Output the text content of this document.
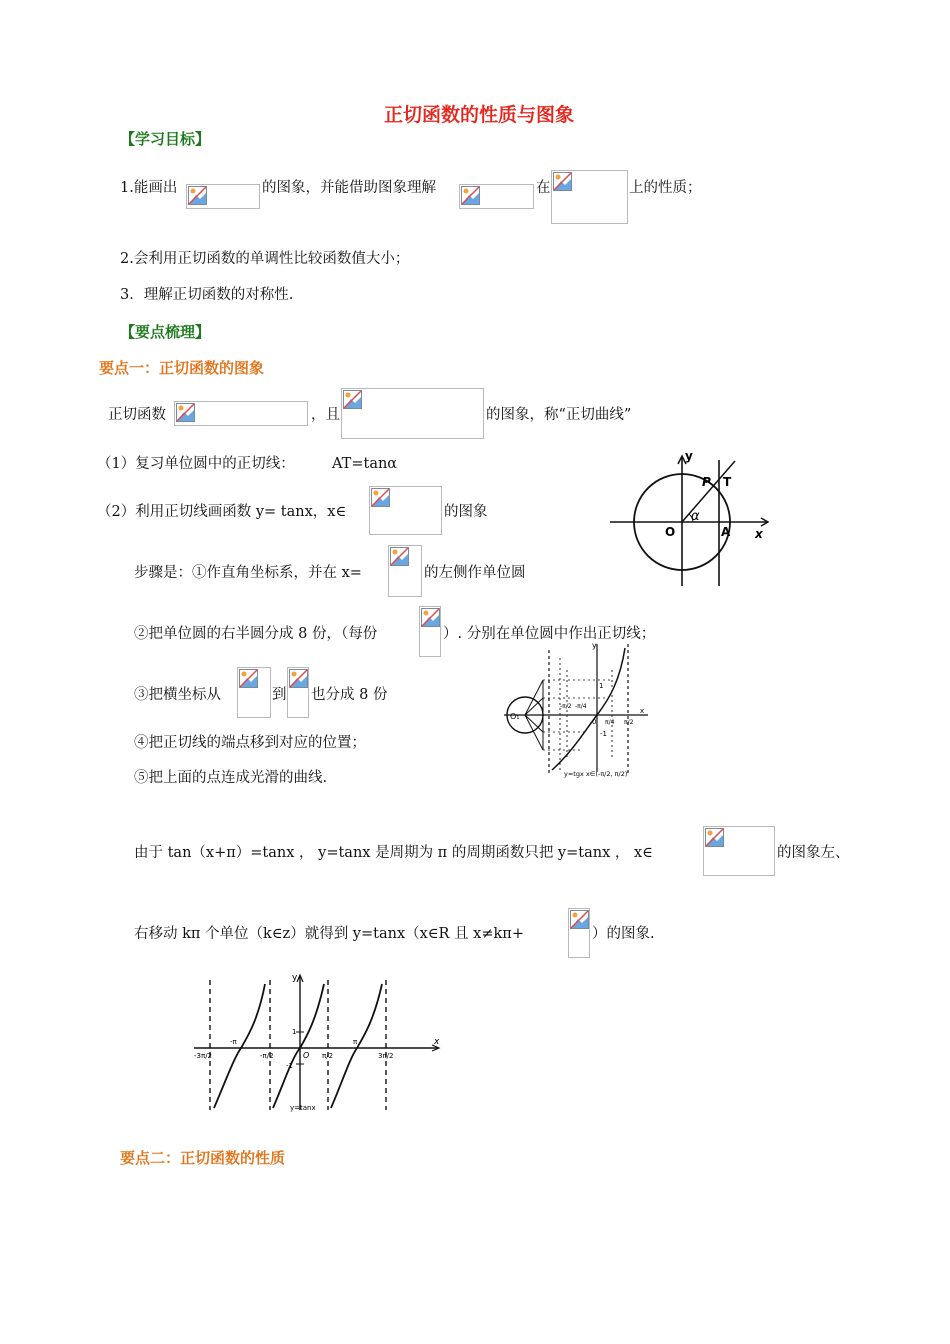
正切函数的性质与图象
【学习目标】
1.能画出	的图象，并能借助图象理解	在	上的性质；
2.会利用正切函数的单调性比较函数值大小；
3．理解正切函数的对称性.
【要点梳理】
要点一：正切函数的图象
正切函数	，且	的图象，称“正切曲线”
（1）复习单位圆中的正切线：	AT=tanα
（2）利用正切线画函数 y= tanx，x∈	的图象
步骤是：①作直角坐标系，并在 x=	的左侧作单位圆
②把单位圆的右半圆分成 8 份，（每份	）. 分别在单位圆中作出正切线；
③把横坐标从	到 也分成 8 份
④把正切线的端点移到对应的位置；
⑤把上面的点连成光滑的曲线.
由于 tan（x+π）=tanx ， y=tanx 是周期为 π 的周期函数只把 y=tanx ， x∈	的图象左、
右移动 kπ 个单位（k∈z）就得到 y=tanx（x∈R 且 x≠kπ+	）的图象.
要点二：正切函数的性质
y
P T
α
O	A x
y
O₁
1
-1
-π/2 -π/4
π/4 π/2
x
0
y=tgx x∈(-π/2, π/2)
y
x
-3π/2
-π
-π/2	O π/2
π
3π/2
1
-1
y=tanx
